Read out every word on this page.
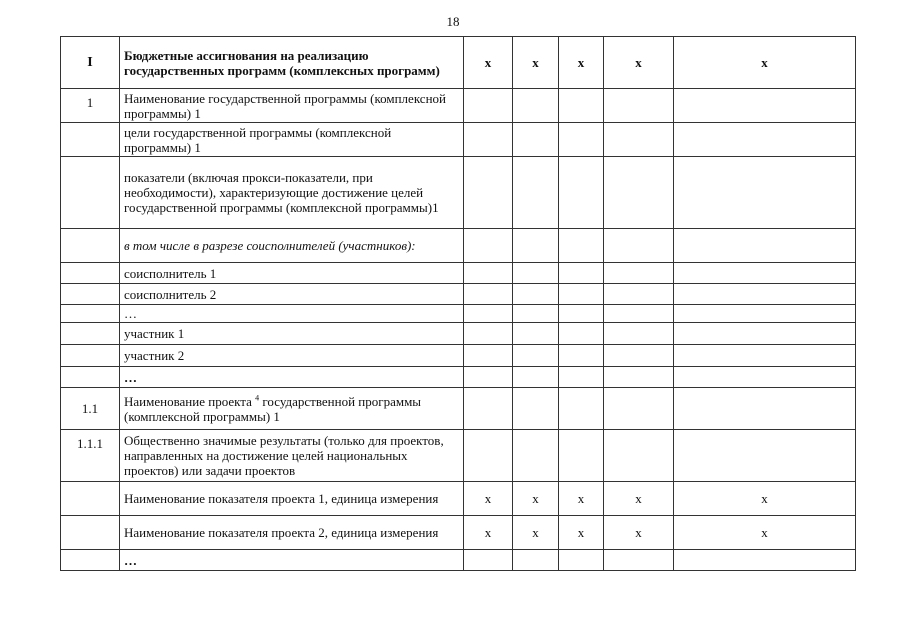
18
I	Бюджетные ассигнования на реализацию государственных программ (комплексных программ)	x	x	x	x	x
1	Наименование государственной программы (комплексной программы) 1					
	цели государственной программы (комплексной программы) 1					
	показатели (включая прокси-показатели, при необходимости), характеризующие достижение целей государственной программы (комплексной программы)1					
	в том числе в разрезе соисполнителей (участников):					
	соисполнитель 1					
	соисполнитель 2					
	…					
	участник 1					
	участник 2					
	…					
1.1	Наименование проекта $^4$ государственной программы (комплексной программы) 1					
1.1.1	Общественно значимые результаты (только для проектов, направленных на достижение целей национальных проектов) или задачи проектов					
	Наименование показателя проекта 1, единица измерения	x	x	x	x	x
	Наименование показателя проекта 2, единица измерения	x	x	x	x	x
	…					
